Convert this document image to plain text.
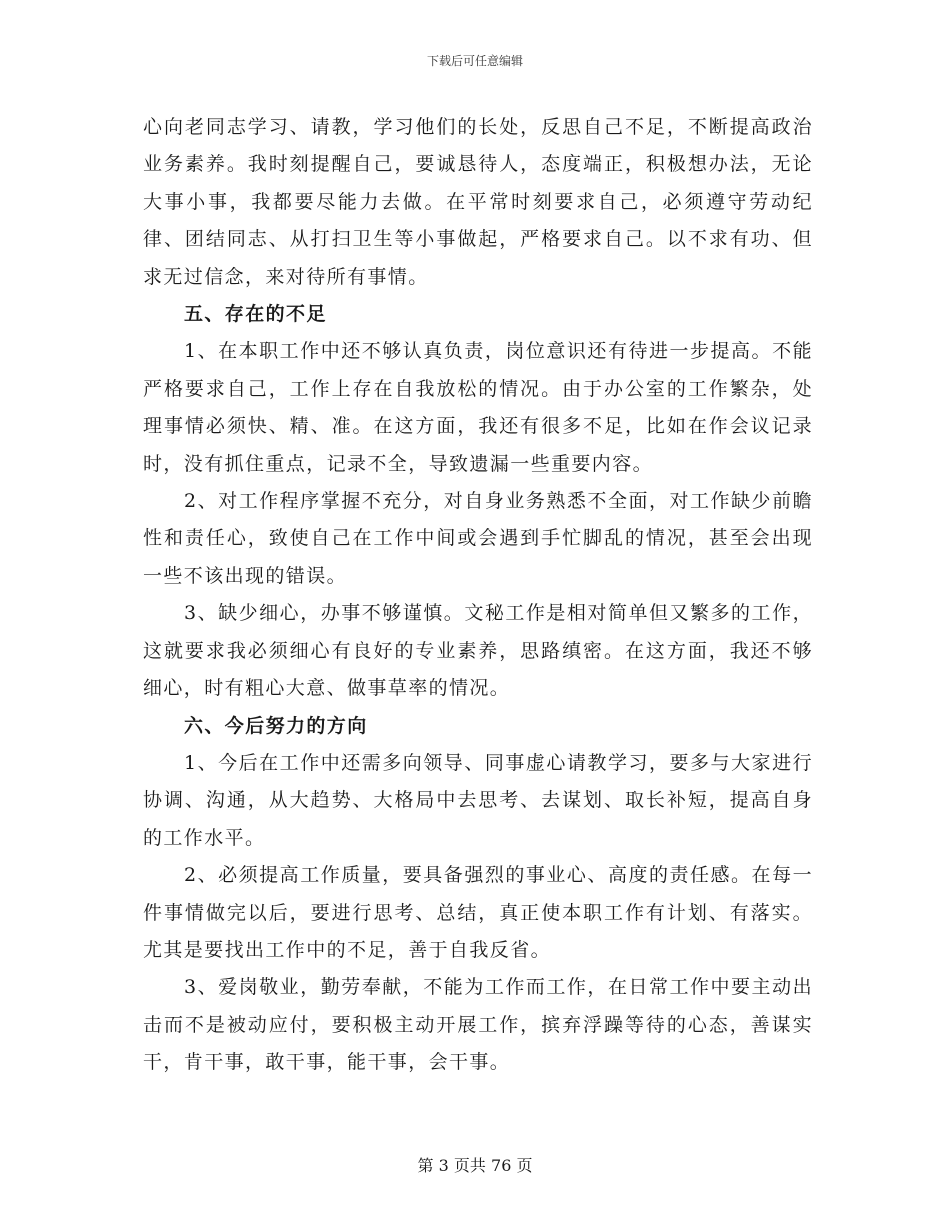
下载后可任意编辑

心向老同志学习、请教，学习他们的长处，反思自己不足，不断提高政治业务素养。我时刻提醒自己，要诚恳待人，态度端正，积极想办法，无论大事小事，我都要尽能力去做。在平常时刻要求自己，必须遵守劳动纪律、团结同志、从打扫卫生等小事做起，严格要求自己。以不求有功、但求无过信念，来对待所有事情。

五、存在的不足

1、在本职工作中还不够认真负责，岗位意识还有待进一步提高。不能严格要求自己，工作上存在自我放松的情况。由于办公室的工作繁杂，处理事情必须快、精、准。在这方面，我还有很多不足，比如在作会议记录时，没有抓住重点，记录不全，导致遗漏一些重要内容。

2、对工作程序掌握不充分，对自身业务熟悉不全面，对工作缺少前瞻性和责任心，致使自己在工作中间或会遇到手忙脚乱的情况，甚至会出现一些不该出现的错误。

3、缺少细心，办事不够谨慎。文秘工作是相对简单但又繁多的工作，这就要求我必须细心有良好的专业素养，思路缜密。在这方面，我还不够细心，时有粗心大意、做事草率的情况。

六、今后努力的方向

1、今后在工作中还需多向领导、同事虚心请教学习，要多与大家进行协调、沟通，从大趋势、大格局中去思考、去谋划、取长补短，提高自身的工作水平。

2、必须提高工作质量，要具备强烈的事业心、高度的责任感。在每一件事情做完以后，要进行思考、总结，真正使本职工作有计划、有落实。尤其是要找出工作中的不足，善于自我反省。

3、爱岗敬业，勤劳奉献，不能为工作而工作，在日常工作中要主动出击而不是被动应付，要积极主动开展工作，摈弃浮躁等待的心态，善谋实干，肯干事，敢干事，能干事，会干事。

第 3 页共 76 页
